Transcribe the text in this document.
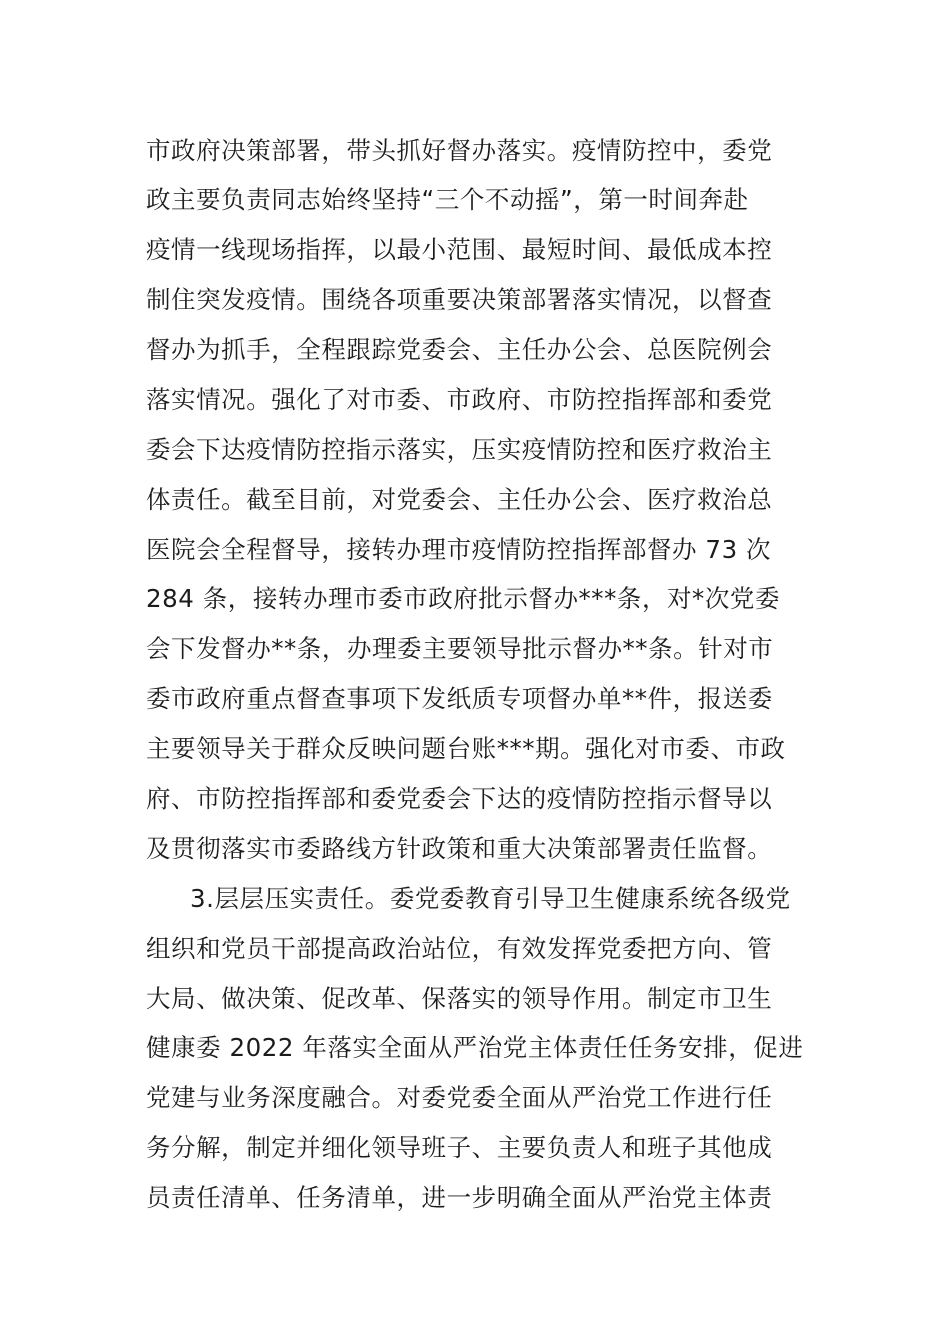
市政府决策部署，带头抓好督办落实。疫情防控中，委党
政主要负责同志始终坚持“三个不动摇”，第一时间奔赴
疫情一线现场指挥，以最小范围、最短时间、最低成本控
制住突发疫情。围绕各项重要决策部署落实情况，以督查
督办为抓手，全程跟踪党委会、主任办公会、总医院例会
落实情况。强化了对市委、市政府、市防控指挥部和委党
委会下达疫情防控指示落实，压实疫情防控和医疗救治主
体责任。截至目前，对党委会、主任办公会、医疗救治总
医院会全程督导，接转办理市疫情防控指挥部督办 73 次
284 条，接转办理市委市政府批示督办***条，对*次党委
会下发督办**条，办理委主要领导批示督办**条。针对市
委市政府重点督查事项下发纸质专项督办单**件，报送委
主要领导关于群众反映问题台账***期。强化对市委、市政
府、市防控指挥部和委党委会下达的疫情防控指示督导以
及贯彻落实市委路线方针政策和重大决策部署责任监督。
3.层层压实责任。委党委教育引导卫生健康系统各级党
组织和党员干部提高政治站位，有效发挥党委把方向、管
大局、做决策、促改革、保落实的领导作用。制定市卫生
健康委 2022 年落实全面从严治党主体责任任务安排，促进
党建与业务深度融合。对委党委全面从严治党工作进行任
务分解，制定并细化领导班子、主要负责人和班子其他成
员责任清单、任务清单，进一步明确全面从严治党主体责
